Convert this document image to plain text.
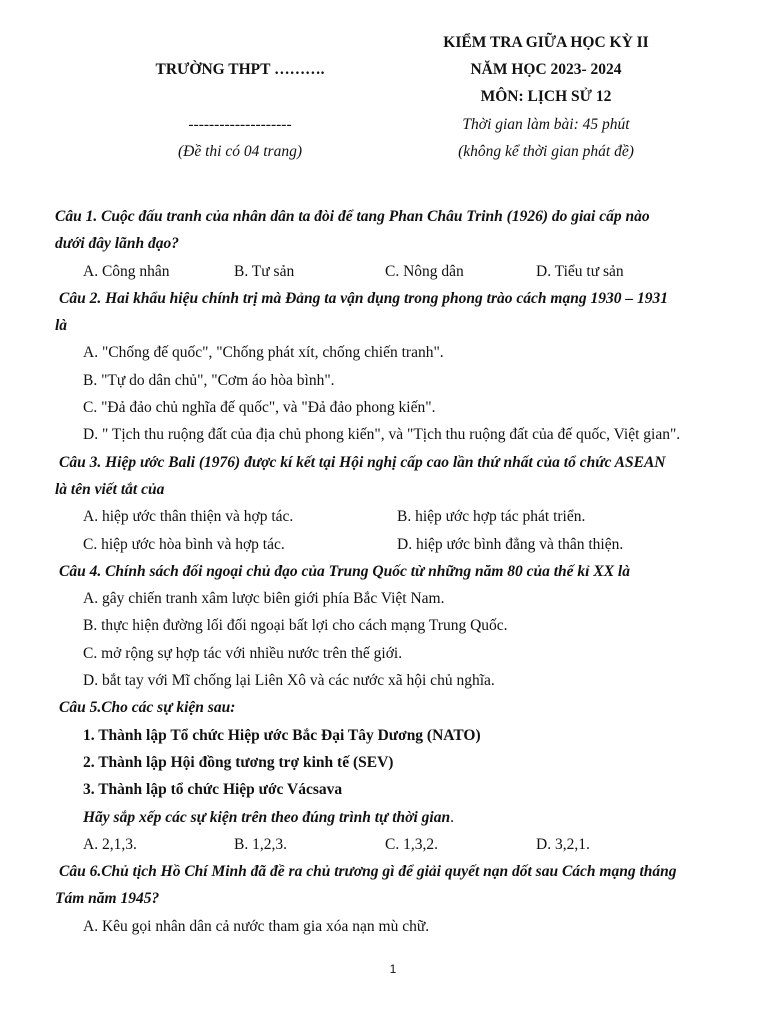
TRƯỜNG THPT ……….
--------------------
(Đề thi có 04 trang)
KIỂM TRA GIỮA HỌC KỲ II
NĂM HỌC 2023- 2024
MÔN: LỊCH SỬ 12
Thời gian làm bài: 45 phút
(không kể thời gian phát đề)
Câu 1. Cuộc đấu tranh của nhân dân ta đòi để tang Phan Châu Trinh (1926) do giai cấp nào
dưới đây lãnh đạo?
A. Công nhân	B. Tư sản	C. Nông dân	D. Tiểu tư sản
Câu 2. Hai khẩu hiệu chính trị mà Đảng ta vận dụng trong phong trào cách mạng 1930 – 1931
là
A. "Chống đế quốc", "Chống phát xít, chống chiến tranh".
B. "Tự do dân chủ", "Cơm áo hòa bình".
C. "Đả đảo chủ nghĩa đế quốc", và "Đả đảo phong kiến".
D. " Tịch thu ruộng đất của địa chủ phong kiến", và "Tịch thu ruộng đất của đế quốc, Việt gian".
Câu 3. Hiệp ước Bali (1976) được kí kết tại Hội nghị cấp cao lần thứ nhất của tổ chức ASEAN
là tên viết tắt của
A. hiệp ước thân thiện và hợp tác.	B. hiệp ước hợp tác phát triển.
C. hiệp ước hòa bình và hợp tác.	D. hiệp ước bình đẳng và thân thiện.
Câu 4. Chính sách đối ngoại chủ đạo của Trung Quốc từ những năm 80 của thế kỉ XX là
A. gây chiến tranh xâm lược biên giới phía Bắc Việt Nam.
B. thực hiện đường lối đối ngoại bất lợi cho cách mạng Trung Quốc.
C. mở rộng sự hợp tác với nhiều nước trên thế giới.
D. bắt tay với Mĩ chống lại Liên Xô và các nước xã hội chủ nghĩa.
Câu 5.Cho các sự kiện sau:
1. Thành lập Tổ chức Hiệp ước Bắc Đại Tây Dương (NATO)
2. Thành lập Hội đồng tương trợ kinh tế (SEV)
3. Thành lập tổ chức Hiệp ước Vácsava
Hãy sắp xếp các sự kiện trên theo đúng trình tự thời gian.
A. 2,1,3.	B. 1,2,3.	C. 1,3,2.	D. 3,2,1.
Câu 6.Chủ tịch Hồ Chí Minh đã đề ra chủ trương gì để giải quyết nạn dốt sau Cách mạng tháng
Tám năm 1945?
A. Kêu gọi nhân dân cả nước tham gia xóa nạn mù chữ.
1
